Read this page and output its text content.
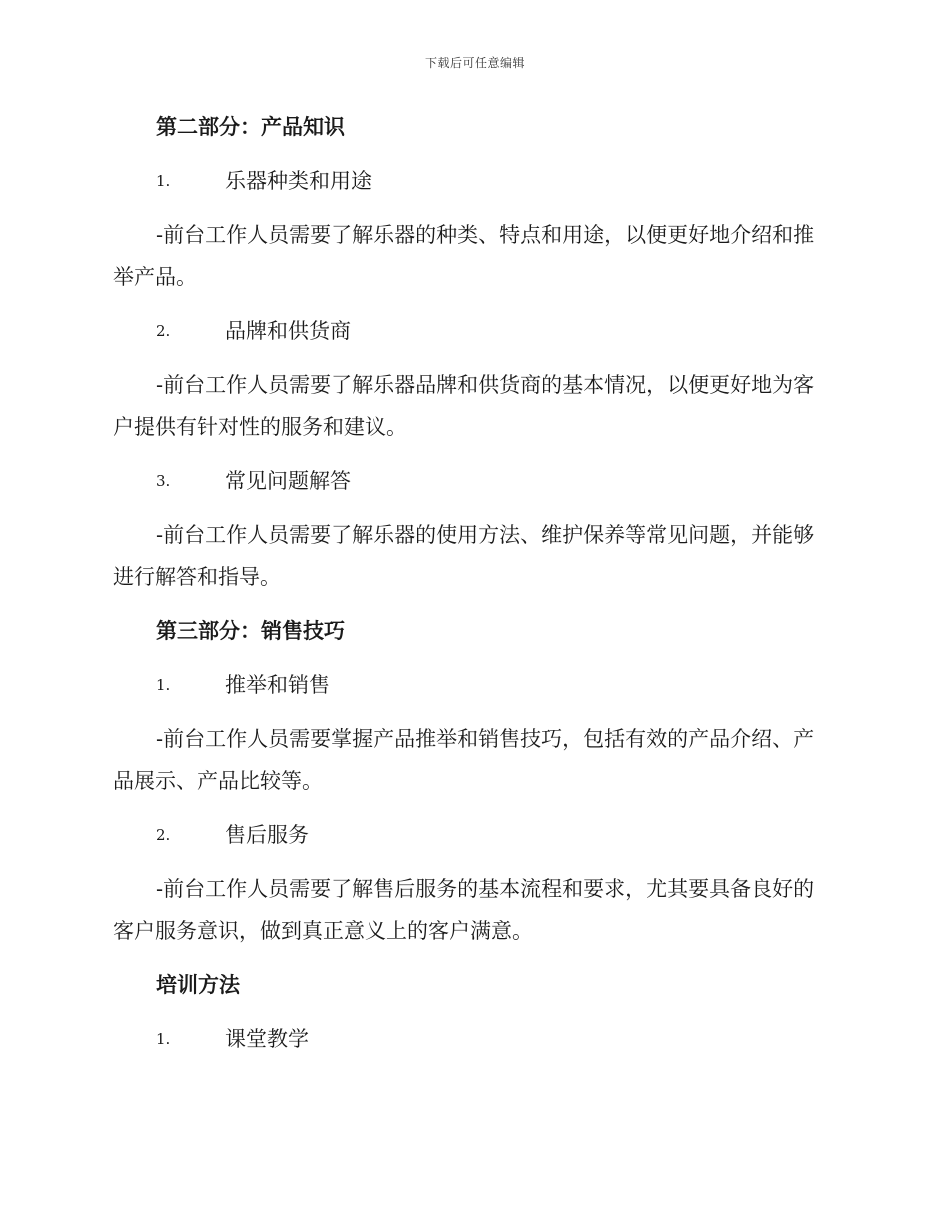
下载后可任意编辑
第二部分：产品知识
1.	乐器种类和用途

-前台工作人员需要了解乐器的种类、特点和用途，以便更好地介绍和推举产品。

2.	品牌和供货商

-前台工作人员需要了解乐器品牌和供货商的基本情况，以便更好地为客户提供有针对性的服务和建议。

3.	常见问题解答

-前台工作人员需要了解乐器的使用方法、维护保养等常见问题，并能够进行解答和指导。

第三部分：销售技巧
1.	推举和销售

-前台工作人员需要掌握产品推举和销售技巧，包括有效的产品介绍、产品展示、产品比较等。

2.	售后服务

-前台工作人员需要了解售后服务的基本流程和要求，尤其要具备良好的客户服务意识，做到真正意义上的客户满意。

培训方法
1.	课堂教学
